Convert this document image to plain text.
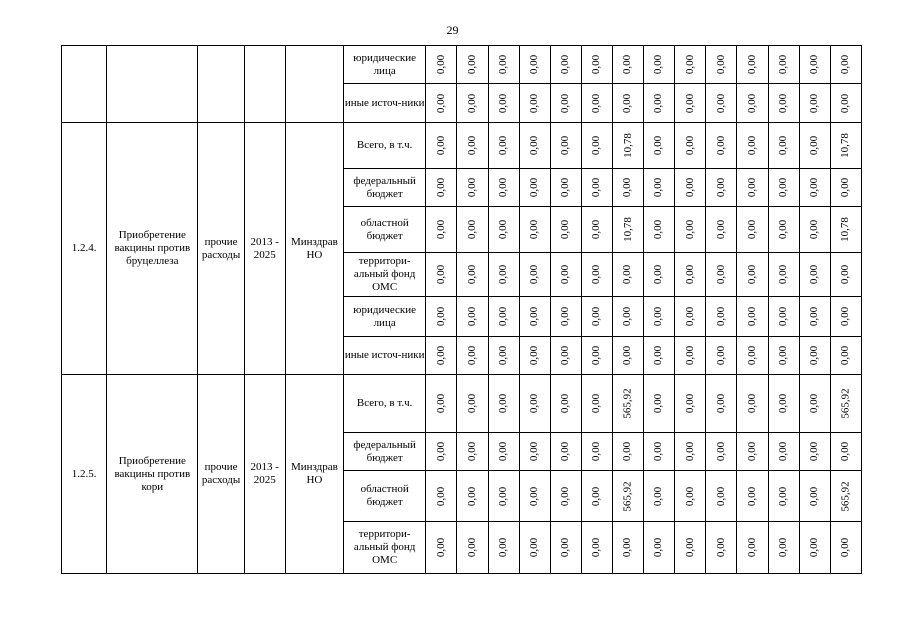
29
					юридические лица	0,00	0,00	0,00	0,00	0,00	0,00	0,00	0,00	0,00	0,00	0,00	0,00	0,00	0,00
					иные источ-ники	0,00	0,00	0,00	0,00	0,00	0,00	0,00	0,00	0,00	0,00	0,00	0,00	0,00	0,00
1.2.4.	Приобретение вакцины против бруцеллеза	прочие расходы	2013 - 2025	Минздрав НО	Всего, в т.ч.	0,00	0,00	0,00	0,00	0,00	0,00	10,78	0,00	0,00	0,00	0,00	0,00	0,00	10,78
					федеральный бюджет	0,00	0,00	0,00	0,00	0,00	0,00	0,00	0,00	0,00	0,00	0,00	0,00	0,00	0,00
					областной бюджет	0,00	0,00	0,00	0,00	0,00	0,00	10,78	0,00	0,00	0,00	0,00	0,00	0,00	10,78
					территори-альный фонд ОМС	0,00	0,00	0,00	0,00	0,00	0,00	0,00	0,00	0,00	0,00	0,00	0,00	0,00	0,00
					юридические лица	0,00	0,00	0,00	0,00	0,00	0,00	0,00	0,00	0,00	0,00	0,00	0,00	0,00	0,00
					иные источ-ники	0,00	0,00	0,00	0,00	0,00	0,00	0,00	0,00	0,00	0,00	0,00	0,00	0,00	0,00
1.2.5.	Приобретение вакцины против кори	прочие расходы	2013 - 2025	Минздрав НО	Всего, в т.ч.	0,00	0,00	0,00	0,00	0,00	0,00	565,92	0,00	0,00	0,00	0,00	0,00	0,00	565,92
					федеральный бюджет	0,00	0,00	0,00	0,00	0,00	0,00	0,00	0,00	0,00	0,00	0,00	0,00	0,00	0,00
					областной бюджет	0,00	0,00	0,00	0,00	0,00	0,00	565,92	0,00	0,00	0,00	0,00	0,00	0,00	565,92
					территори-альный фонд ОМС	0,00	0,00	0,00	0,00	0,00	0,00	0,00	0,00	0,00	0,00	0,00	0,00	0,00	0,00
